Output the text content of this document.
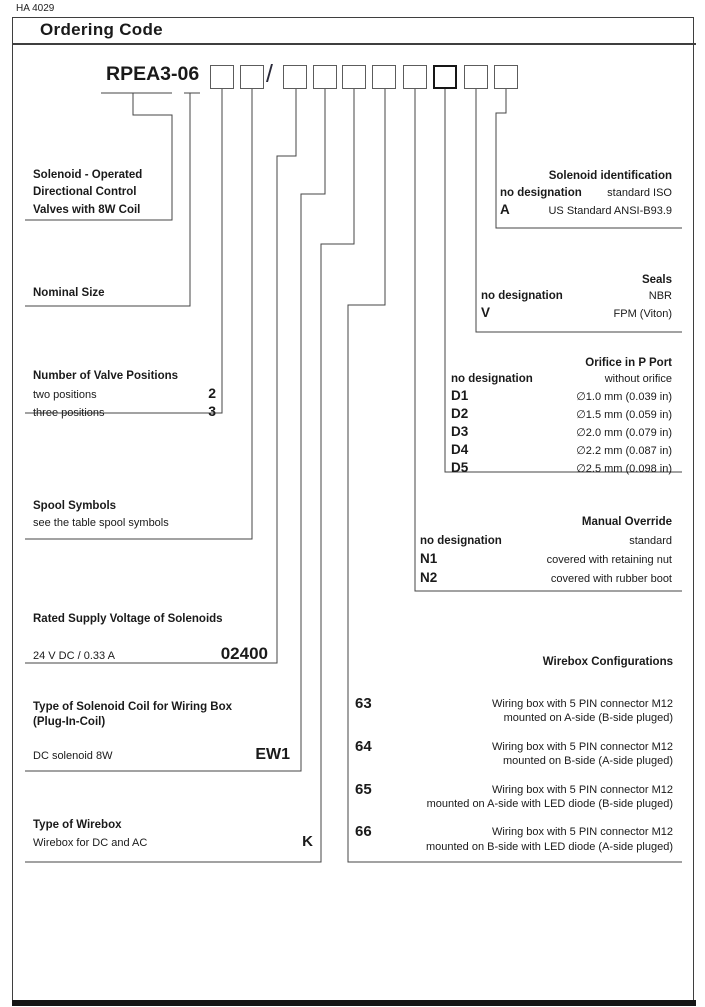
HA 4029
Ordering Code
RPEA3-06	/
Solenoid - Operated
Directional Control
Valves with 8W Coil
Nominal Size
Number of Valve Positions
two positions	2
three positions	3
Spool Symbols
see the table spool symbols
Rated Supply Voltage of Solenoids
24 V DC / 0.33 A	02400
Type of Solenoid Coil for Wiring Box
(Plug-In-Coil)
DC solenoid 8W	EW1
Type of Wirebox
Wirebox for DC and AC	K
Solenoid identification
no designation standard ISO
A	US Standard ANSI-B93.9
Seals
no designation	NBR
V	FPM (Viton)
Orifice in P Port
no designation	without orifice
D1	∅1.0 mm (0.039 in)
D2	∅1.5 mm (0.059 in)
D3	∅2.0 mm (0.079 in)
D4	∅2.2 mm (0.087 in)
D5	∅2.5 mm (0.098 in)
Manual Override
no designation	standard
N1	covered with retaining nut
N2	covered with rubber boot
Wirebox Configurations
63	Wiring box with 5 PIN connector M12
mounted on A-side (B-side pluged)
64	Wiring box with 5 PIN connector M12
mounted on B-side (A-side pluged)
65	Wiring box with 5 PIN connector M12
mounted on A-side with LED diode (B-side pluged)
66	Wiring box with 5 PIN connector M12
mounted on B-side with LED diode (A-side pluged)
